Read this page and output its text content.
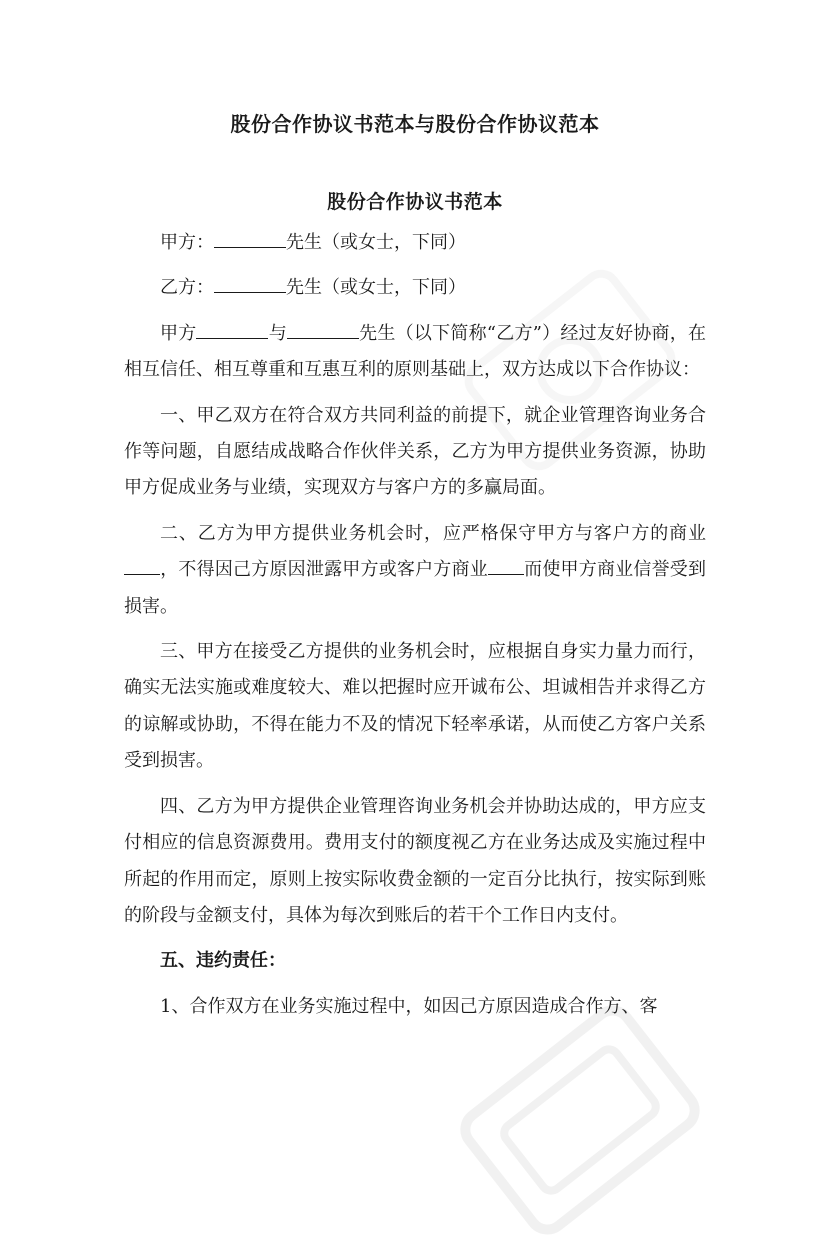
股份合作协议书范本与股份合作协议范本
股份合作协议书范本

甲方：	先生（或女士，下同）

乙方：	先生（或女士，下同）

甲方	与	先生（以下简称“乙方”）经过友好协商，在相互信任、相互尊重和互惠互利的原则基础上，双方达成以下合作协议：

一、甲乙双方在符合双方共同利益的前提下，就企业管理咨询业务合作等问题，自愿结成战略合作伙伴关系，乙方为甲方提供业务资源，协助甲方促成业务与业绩，实现双方与客户方的多赢局面。

二、乙方为甲方提供业务机会时，应严格保守甲方与客户方的商业，不得因己方原因泄露甲方或客户方商业 而使甲方商业信誉受到损害。

三、甲方在接受乙方提供的业务机会时，应根据自身实力量力而行，确实无法实施或难度较大、难以把握时应开诚布公、坦诚相告并求得乙方的谅解或协助，不得在能力不及的情况下轻率承诺，从而使乙方客户关系受到损害。

四、乙方为甲方提供企业管理咨询业务机会并协助达成的，甲方应支付相应的信息资源费用。费用支付的额度视乙方在业务达成及实施过程中所起的作用而定，原则上按实际收费金额的一定百分比执行，按实际到账的阶段与金额支付，具体为每次到账后的若干个工作日内支付。

五、违约责任：

1、合作双方在业务实施过程中，如因己方原因造成合作方、客
